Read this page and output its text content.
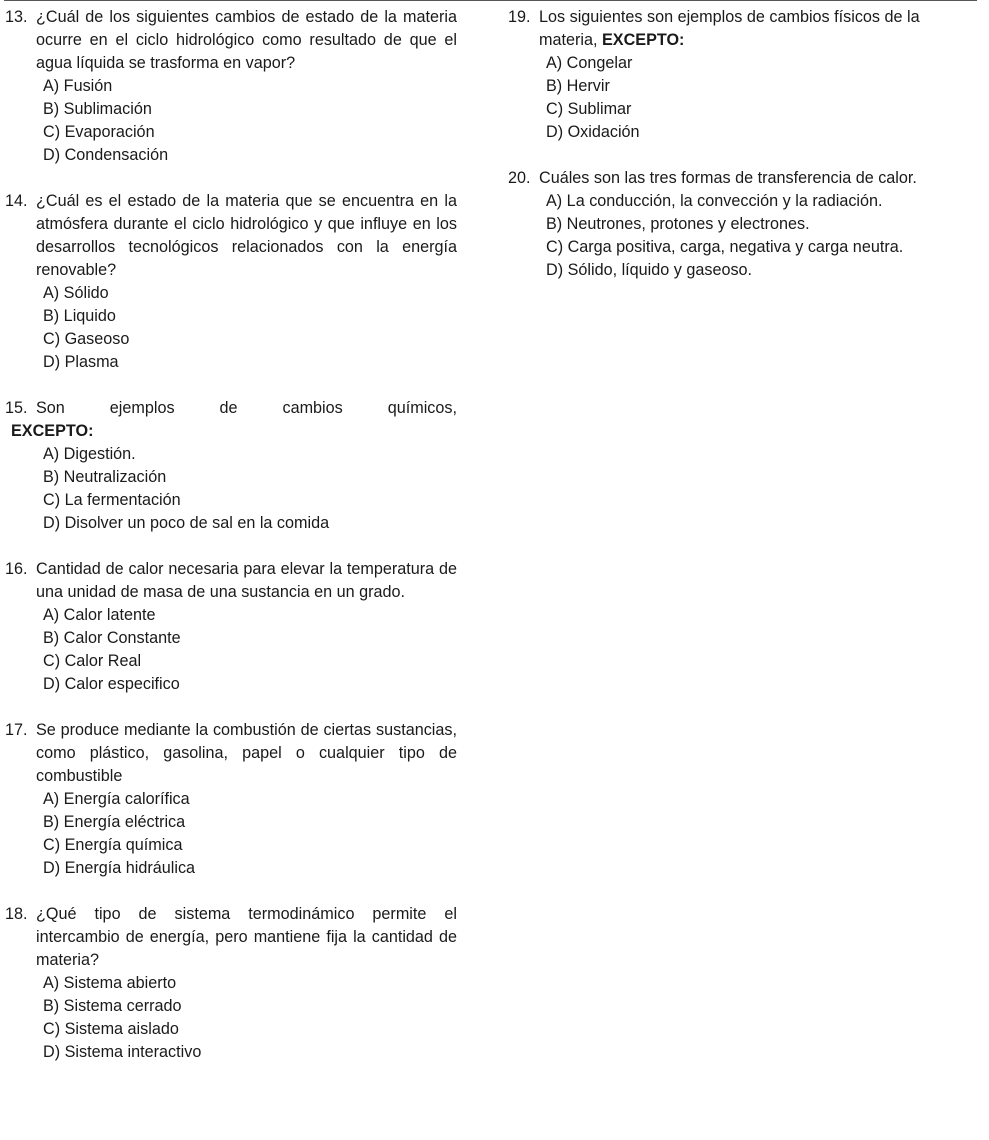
13. ¿Cuál de los siguientes cambios de estado de la materia ocurre en el ciclo hidrológico como resultado de que el agua líquida se trasforma en vapor?
A) Fusión
B) Sublimación
C) Evaporación
D) Condensación
14. ¿Cuál es el estado de la materia que se encuentra en la atmósfera durante el ciclo hidrológico y que influye en los desarrollos tecnológicos relacionados con la energía renovable?
A) Sólido
B) Liquido
C) Gaseoso
D) Plasma
15. Son ejemplos de cambios químicos,
EXCEPTO:
A) Digestión.
B) Neutralización
C) La fermentación
D) Disolver un poco de sal en la comida
16. Cantidad de calor necesaria para elevar la temperatura de una unidad de masa de una sustancia en un grado.
A) Calor latente
B) Calor Constante
C) Calor Real
D) Calor especifico
17. Se produce mediante la combustión de ciertas sustancias, como plástico, gasolina, papel o cualquier tipo de combustible
A) Energía calorífica
B) Energía eléctrica
C) Energía química
D) Energía hidráulica
18. ¿Qué tipo de sistema termodinámico permite el intercambio de energía, pero mantiene fija la cantidad de materia?
A) Sistema abierto
B) Sistema cerrado
C) Sistema aislado
D) Sistema interactivo
19. Los siguientes son ejemplos de cambios físicos de la materia, EXCEPTO:
A) Congelar
B) Hervir
C) Sublimar
D) Oxidación
20. Cuáles son las tres formas de transferencia de calor.
A) La conducción, la convección y la radiación.
B) Neutrones, protones y electrones.
C) Carga positiva, carga, negativa y carga neutra.
D) Sólido, líquido y gaseoso.
